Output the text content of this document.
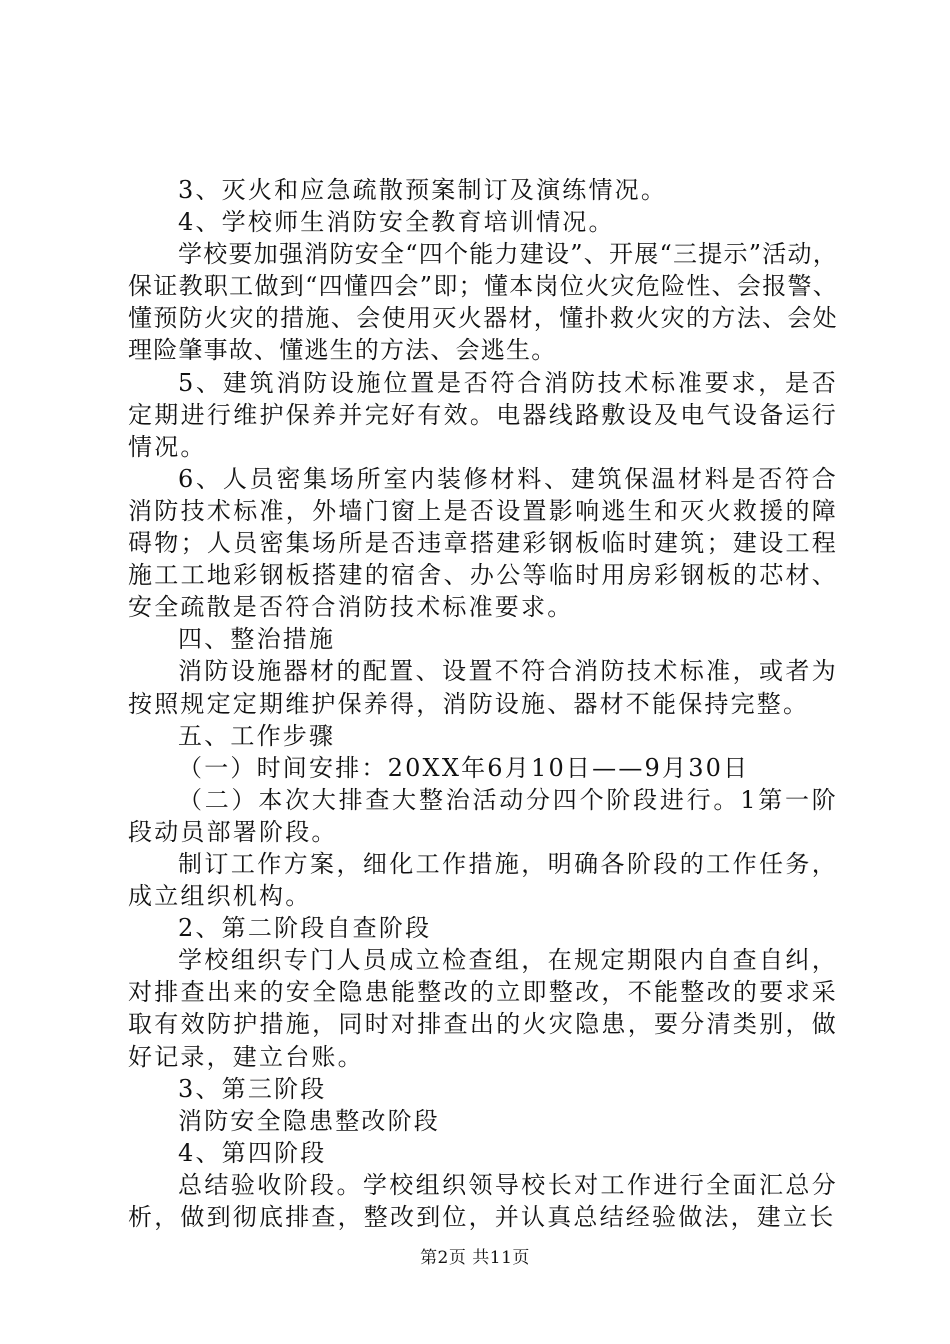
3、灭火和应急疏散预案制订及演练情况。

4、学校师生消防安全教育培训情况。

学校要加强消防安全“四个能力建设”、开展“三提示”活动，保证教职工做到“四懂四会”即；懂本岗位火灾危险性、会报警、懂预防火灾的措施、会使用灭火器材，懂扑救火灾的方法、会处理险肇事故、懂逃生的方法、会逃生。

5、建筑消防设施位置是否符合消防技术标准要求，是否定期进行维护保养并完好有效。电器线路敷设及电气设备运行情况。

6、人员密集场所室内装修材料、建筑保温材料是否符合消防技术标准，外墙门窗上是否设置影响逃生和灭火救援的障碍物；人员密集场所是否违章搭建彩钢板临时建筑；建设工程施工工地彩钢板搭建的宿舍、办公等临时用房彩钢板的芯材、安全疏散是否符合消防技术标准要求。

四、整治措施

消防设施器材的配置、设置不符合消防技术标准，或者为按照规定定期维护保养得，消防设施、器材不能保持完整。

五、工作步骤

（一）时间安排：20XX年6月10日——9月30日

（二）本次大排查大整治活动分四个阶段进行。1第一阶段动员部署阶段。

制订工作方案，细化工作措施，明确各阶段的工作任务，成立组织机构。

2、第二阶段自查阶段

学校组织专门人员成立检查组，在规定期限内自查自纠，对排查出来的安全隐患能整改的立即整改，不能整改的要求采取有效防护措施，同时对排查出的火灾隐患，要分清类别，做好记录，建立台账。

3、第三阶段

消防安全隐患整改阶段

4、第四阶段

总结验收阶段。学校组织领导校长对工作进行全面汇总分析，做到彻底排查，整改到位，并认真总结经验做法，建立长

第2页 共11页
